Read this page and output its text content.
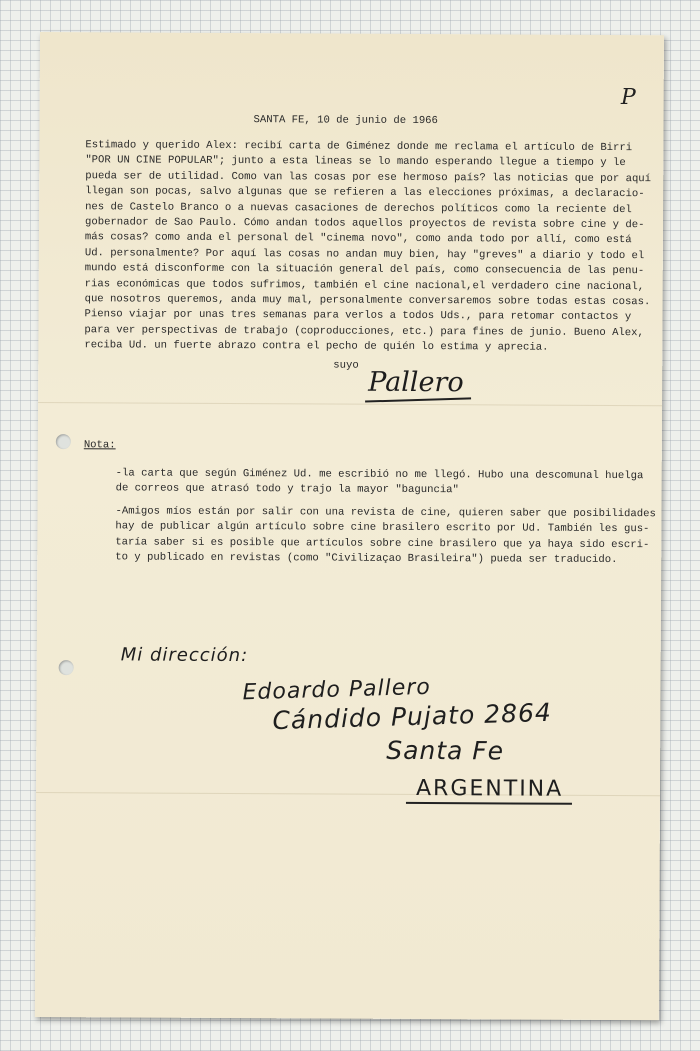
P
SANTA FE, 10 de junio de 1966
Estimado y querido Alex: recibí carta de Giménez donde me reclama el artículo de Birri
"POR UN CINE POPULAR"; junto a esta lineas se lo mando esperando llegue a tiempo y le
pueda ser de utilidad. Como van las cosas por ese hermoso país? las noticias que por aquí
llegan son pocas, salvo algunas que se refieren a las elecciones próximas, a declaracio-
nes de Castelo Branco o a nuevas casaciones de derechos políticos como la reciente del
gobernador de Sao Paulo. Cómo andan todos aquellos proyectos de revista sobre cine y de-
más cosas? como anda el personal del "cinema novo", como anda todo por allí, como está
Ud. personalmente? Por aquí las cosas no andan muy bien, hay "greves" a diario y todo el
mundo está disconforme con la situación general del país, como consecuencia de las penu-
rias económicas que todos sufrimos, también el cine nacional,el verdadero cine nacional,
que nosotros queremos, anda muy mal, personalmente conversaremos sobre todas estas cosas.
Pienso viajar por unas tres semanas para verlos a todos Uds., para retomar contactos y
para ver perspectivas de trabajo (coproducciones, etc.) para fines de junio. Bueno Alex,
reciba Ud. un fuerte abrazo contra el pecho de quién lo estima y aprecia.
suyo
Pallero
Nota:
-la carta que según Giménez Ud. me escribió no me llegó. Hubo una descomunal huelga
de correos que atrasó todo y trajo la mayor "baguncia"
-Amigos míos están por salir con una revista de cine, quieren saber que posibilidades
hay de publicar algún artículo sobre cine brasilero escrito por Ud. También les gus-
taría saber si es posible que artículos sobre cine brasilero que ya haya sido escri-
to y publicado en revistas (como "Civilizaçao Brasileira") pueda ser traducido.
Mi dirección:
Edoardo Pallero
Cándido Pujato 2864
Santa Fe
ARGENTINA
